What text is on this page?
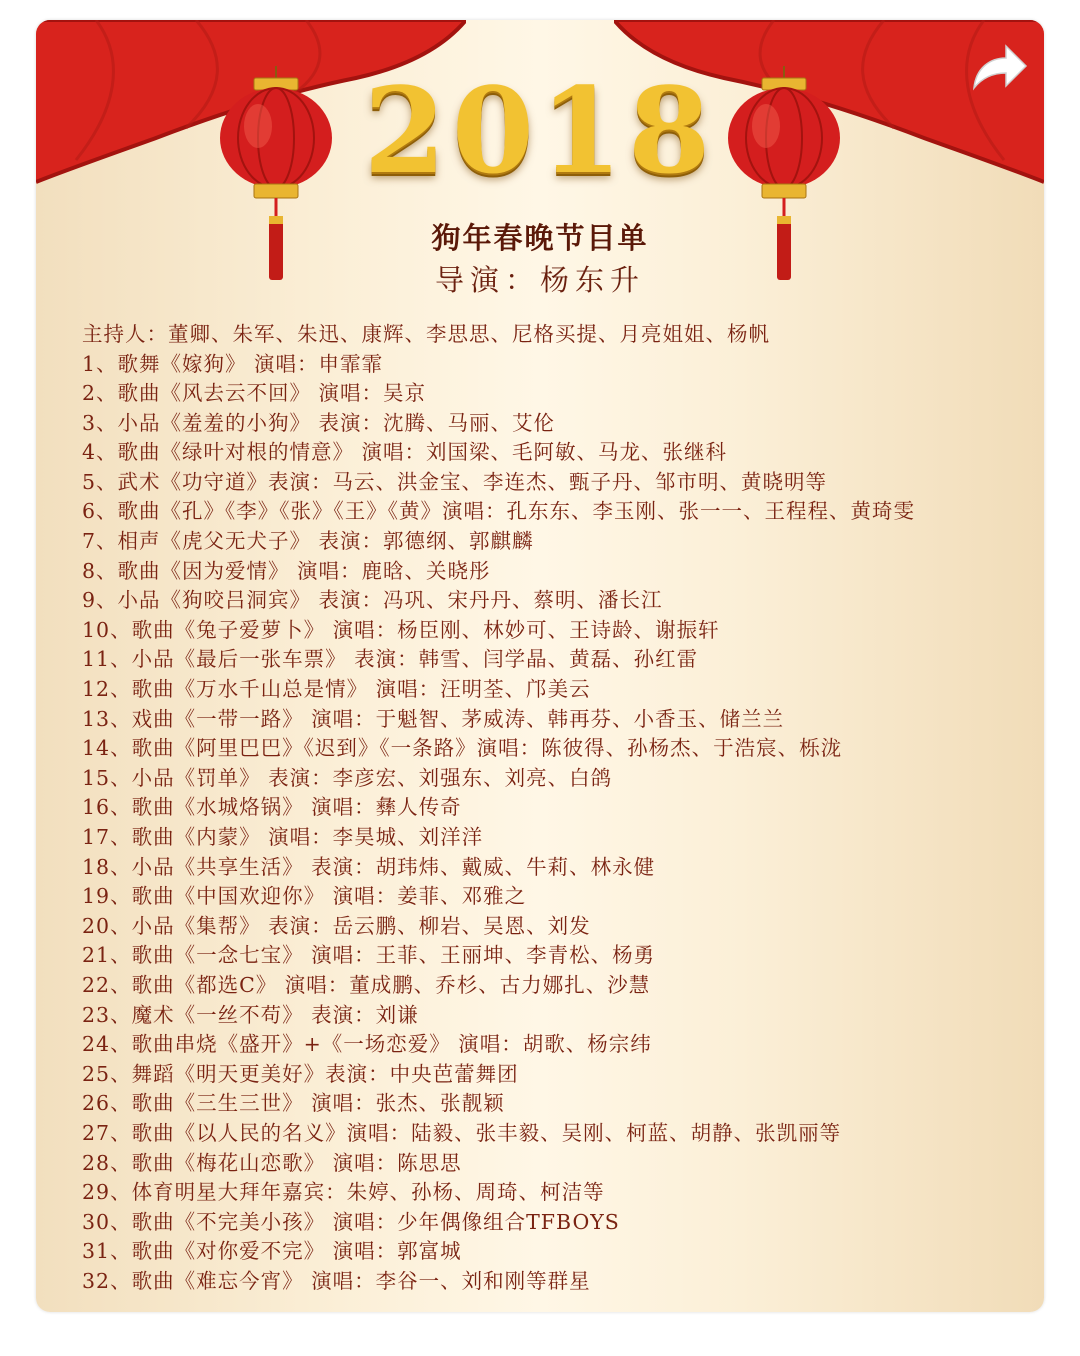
2018
狗年春晚节目单
导演：杨东升
主持人：董卿、朱军、朱迅、康辉、李思思、尼格买提、月亮姐姐、杨帆
1、歌舞《嫁狗》 演唱：申霏霏
2、歌曲《风去云不回》 演唱：吴京
3、小品《羞羞的小狗》 表演：沈腾、马丽、艾伦
4、歌曲《绿叶对根的情意》 演唱：刘国梁、毛阿敏、马龙、张继科
5、武术《功守道》表演：马云、洪金宝、李连杰、甄子丹、邹市明、黄晓明等
6、歌曲《孔》《李》《张》《王》《黄》演唱：孔东东、李玉刚、张一一、王程程、黄琦雯
7、相声《虎父无犬子》 表演：郭德纲、郭麒麟
8、歌曲《因为爱情》 演唱：鹿晗、关晓彤
9、小品《狗咬吕洞宾》 表演：冯巩、宋丹丹、蔡明、潘长江
10、歌曲《兔子爱萝卜》 演唱：杨臣刚、林妙可、王诗龄、谢振轩
11、小品《最后一张车票》 表演：韩雪、闫学晶、黄磊、孙红雷
12、歌曲《万水千山总是情》 演唱：汪明荃、邝美云
13、戏曲《一带一路》 演唱：于魁智、茅威涛、韩再芬、小香玉、储兰兰
14、歌曲《阿里巴巴》《迟到》《一条路》演唱：陈彼得、孙杨杰、于浩宸、栎泷
15、小品《罚单》 表演：李彦宏、刘强东、刘亮、白鸽
16、歌曲《水城烙锅》 演唱：彝人传奇
17、歌曲《内蒙》 演唱：李昊城、刘洋洋
18、小品《共享生活》 表演：胡玮炜、戴威、牛莉、林永健
19、歌曲《中国欢迎你》 演唱：姜菲、邓雅之
20、小品《集帮》 表演：岳云鹏、柳岩、吴恩、刘发
21、歌曲《一念七宝》 演唱：王菲、王丽坤、李青松、杨勇
22、歌曲《都选C》 演唱：董成鹏、乔杉、古力娜扎、沙慧
23、魔术《一丝不苟》 表演：刘谦
24、歌曲串烧《盛开》+《一场恋爱》 演唱：胡歌、杨宗纬
25、舞蹈《明天更美好》表演：中央芭蕾舞团
26、歌曲《三生三世》 演唱：张杰、张靓颖
27、歌曲《以人民的名义》演唱：陆毅、张丰毅、吴刚、柯蓝、胡静、张凯丽等
28、歌曲《梅花山恋歌》 演唱：陈思思
29、体育明星大拜年嘉宾：朱婷、孙杨、周琦、柯洁等
30、歌曲《不完美小孩》 演唱：少年偶像组合TFBOYS
31、歌曲《对你爱不完》 演唱：郭富城
32、歌曲《难忘今宵》 演唱：李谷一、刘和刚等群星
